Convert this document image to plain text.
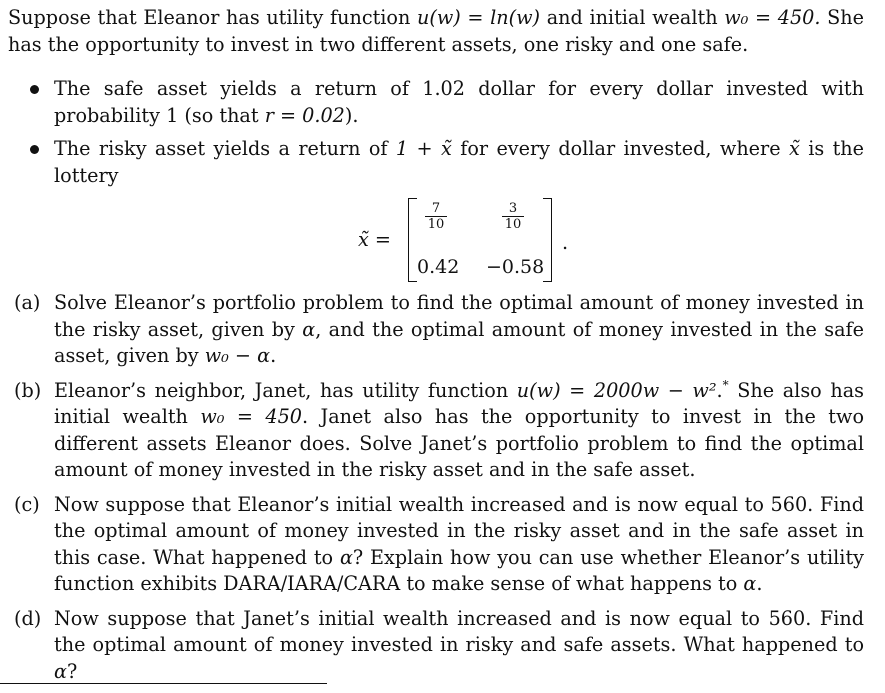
Suppose that Eleanor has utility function u(w) = ln(w) and initial wealth w₀ = 450. She has the opportunity to invest in two different assets, one risky and one safe.

The safe asset yields a return of 1.02 dollar for every dollar invested with probability 1 (so that r = 0.02).
The risky asset yields a return of 1 + x̃ for every dollar invested, where x̃ is the lottery
x̃ =
7
10
3
10
0.42 −0.58
.
(a) Solve Eleanor’s portfolio problem to find the optimal amount of money invested in the risky asset, given by α, and the optimal amount of money invested in the safe asset, given by w₀ − α.
(b) Eleanor’s neighbor, Janet, has utility function u(w) = 2000w − w².* She also has initial wealth w₀ = 450. Janet also has the opportunity to invest in the two different assets Eleanor does. Solve Janet’s portfolio problem to find the optimal amount of money invested in the risky asset and in the safe asset.
(c) Now suppose that Eleanor’s initial wealth increased and is now equal to 560. Find the optimal amount of money invested in the risky asset and in the safe asset in this case. What happened to α? Explain how you can use whether Eleanor’s utility function exhibits DARA/IARA/CARA to make sense of what happens to α.
(d) Now suppose that Janet’s initial wealth increased and is now equal to 560. Find the optimal amount of money invested in risky and safe assets. What happened to α?
